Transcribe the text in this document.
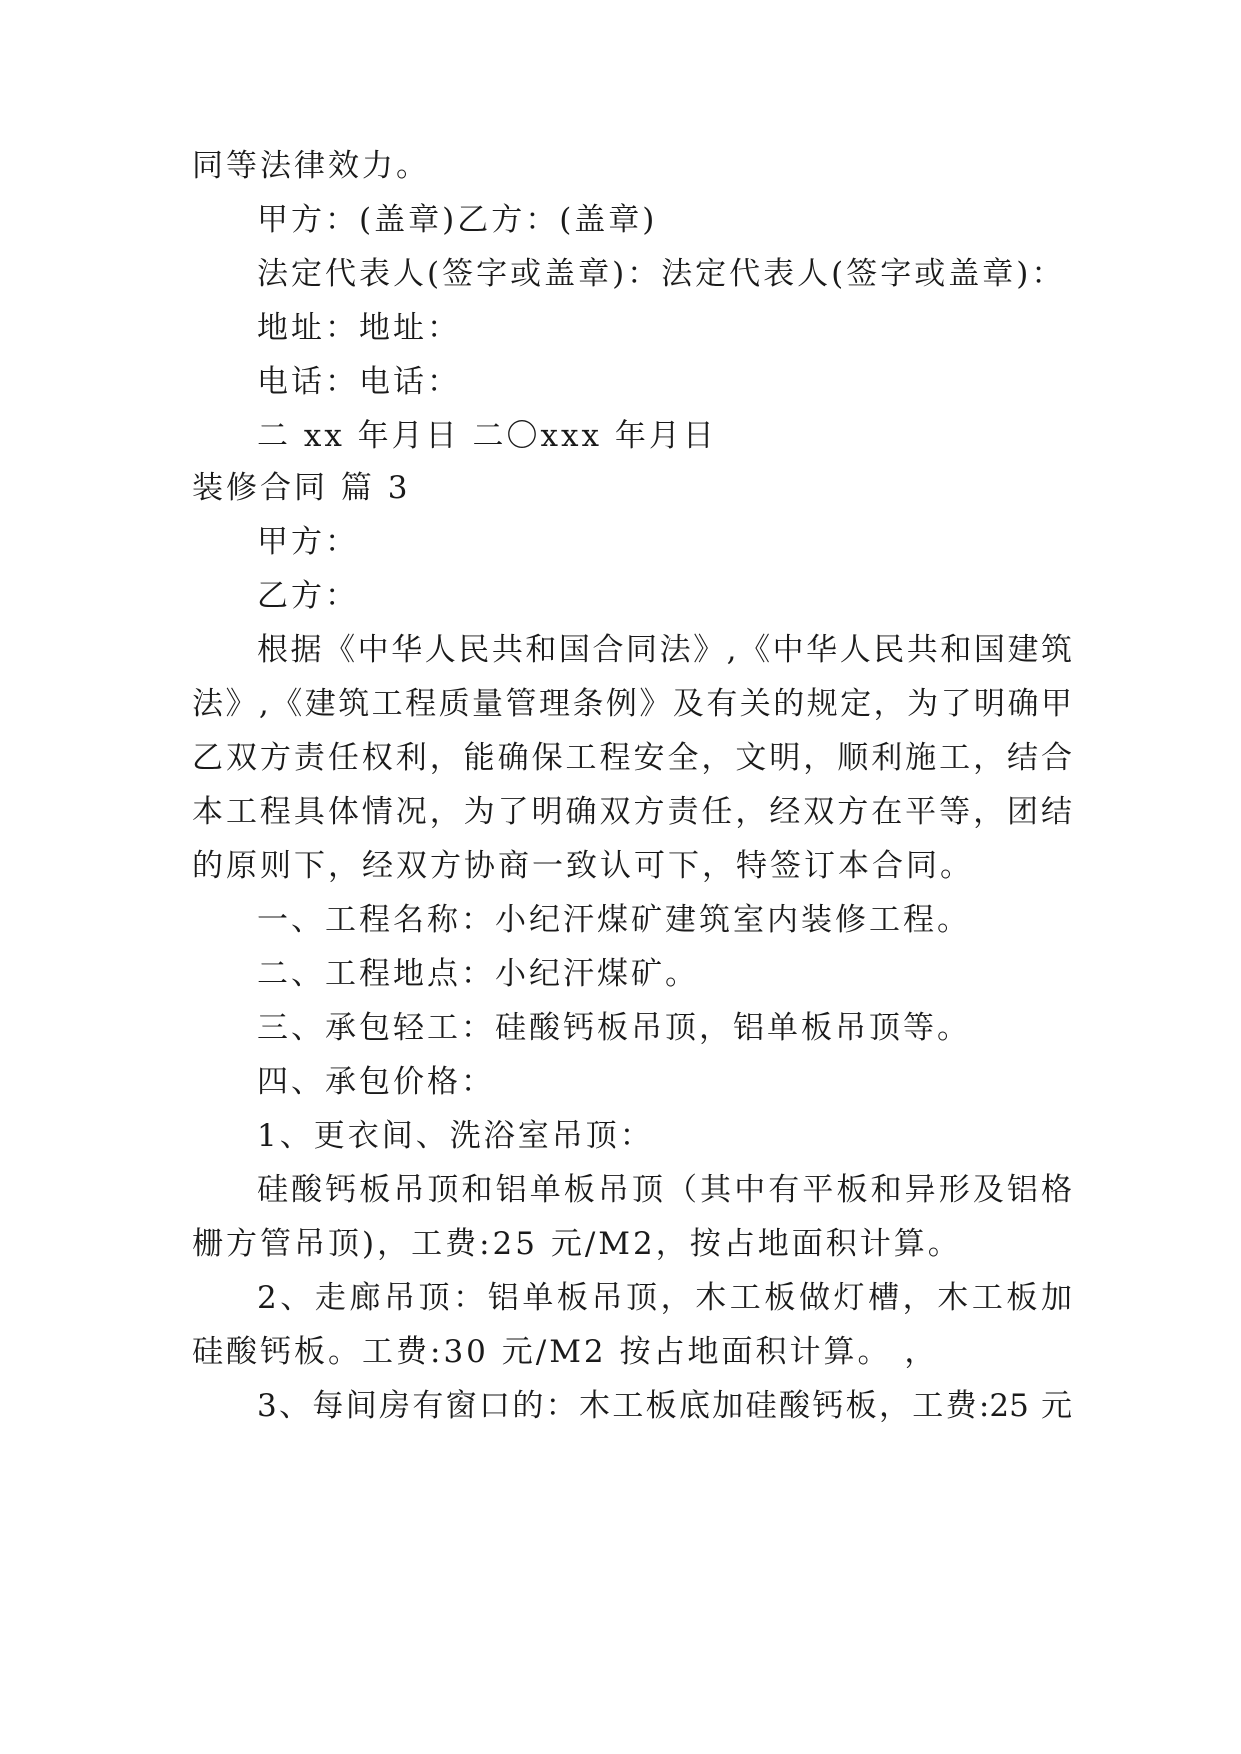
同等法律效力。
甲方：(盖章)乙方：(盖章)
法定代表人(签字或盖章)：法定代表人(签字或盖章)：
地址：地址：
电话：电话：
二 xx 年月日 二〇xxx 年月日
装修合同 篇 3
甲方：
乙方：
根据《中华人民共和国合同法》,《中华人民共和国建筑
法》,《建筑工程质量管理条例》及有关的规定，为了明确甲
乙双方责任权利，能确保工程安全，文明，顺利施工，结合
本工程具体情况，为了明确双方责任，经双方在平等，团结
的原则下，经双方协商一致认可下，特签订本合同。
一、工程名称：小纪汗煤矿建筑室内装修工程。
二、工程地点：小纪汗煤矿。
三、承包轻工：硅酸钙板吊顶，铝单板吊顶等。
四、承包价格：
1、更衣间、洗浴室吊顶：
硅酸钙板吊顶和铝单板吊顶（其中有平板和异形及铝格
栅方管吊顶)，工费:25 元/M2，按占地面积计算。
2、走廊吊顶：铝单板吊顶，木工板做灯槽，木工板加
硅酸钙板。工费:30 元/M2 按占地面积计算。 ，
3、每间房有窗口的：木工板底加硅酸钙板，工费:25 元
